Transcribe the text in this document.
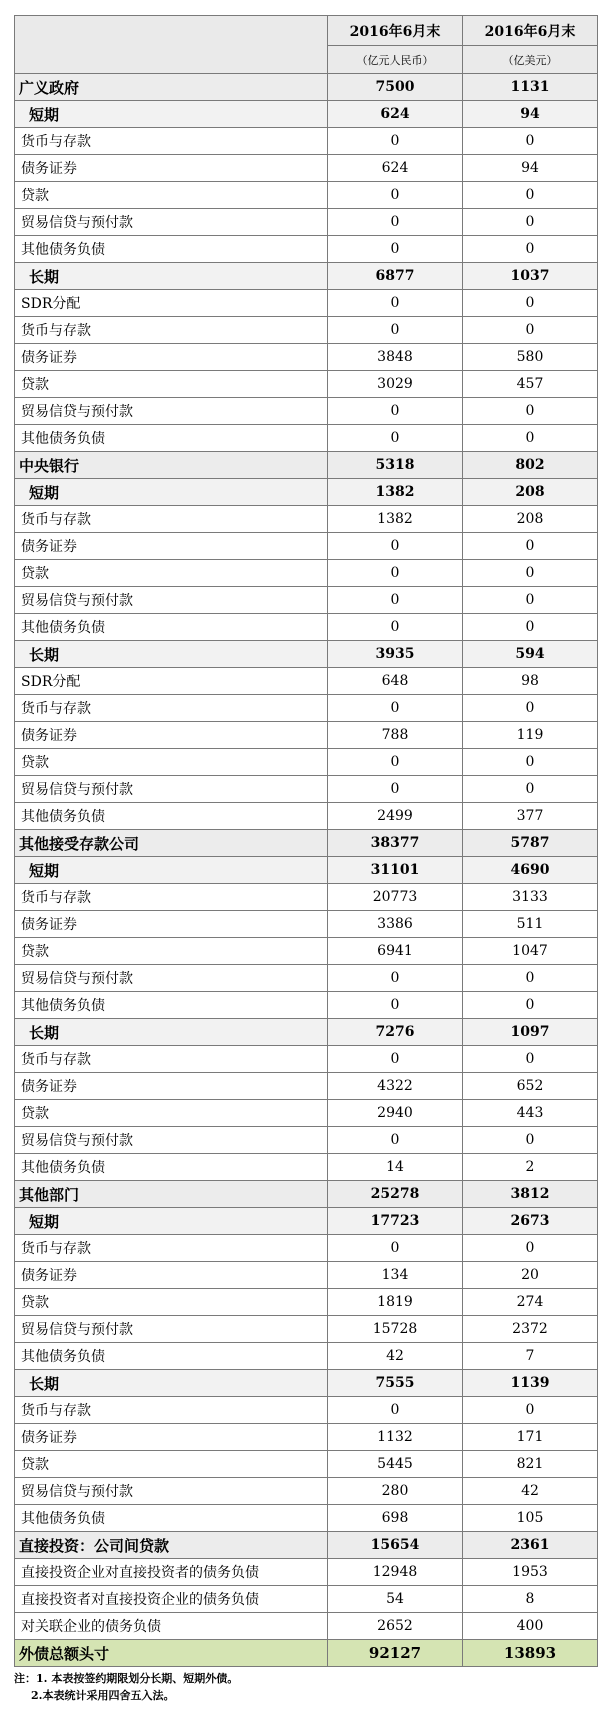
	2016年6月末	2016年6月末
	（亿元人民币）	（亿美元）
广义政府	7500	1131
短期	624	94
货币与存款	0	0
债务证券	624	94
贷款	0	0
贸易信贷与预付款	0	0
其他债务负债	0	0
长期	6877	1037
SDR分配	0	0
货币与存款	0	0
债务证券	3848	580
贷款	3029	457
贸易信贷与预付款	0	0
其他债务负债	0	0
中央银行	5318	802
短期	1382	208
货币与存款	1382	208
债务证券	0	0
贷款	0	0
贸易信贷与预付款	0	0
其他债务负债	0	0
长期	3935	594
SDR分配	648	98
货币与存款	0	0
债务证券	788	119
贷款	0	0
贸易信贷与预付款	0	0
其他债务负债	2499	377
其他接受存款公司	38377	5787
短期	31101	4690
货币与存款	20773	3133
债务证券	3386	511
贷款	6941	1047
贸易信贷与预付款	0	0
其他债务负债	0	0
长期	7276	1097
货币与存款	0	0
债务证券	4322	652
贷款	2940	443
贸易信贷与预付款	0	0
其他债务负债	14	2
其他部门	25278	3812
短期	17723	2673
货币与存款	0	0
债务证券	134	20
贷款	1819	274
贸易信贷与预付款	15728	2372
其他债务负债	42	7
长期	7555	1139
货币与存款	0	0
债务证券	1132	171
贷款	5445	821
贸易信贷与预付款	280	42
其他债务负债	698	105
直接投资：公司间贷款	15654	2361
直接投资企业对直接投资者的债务负债	12948	1953
直接投资者对直接投资企业的债务负债	54	8
对关联企业的债务负债	2652	400
外债总额头寸	92127	13893
注：1. 本表按签约期限划分长期、短期外债。
2.本表统计采用四舍五入法。
